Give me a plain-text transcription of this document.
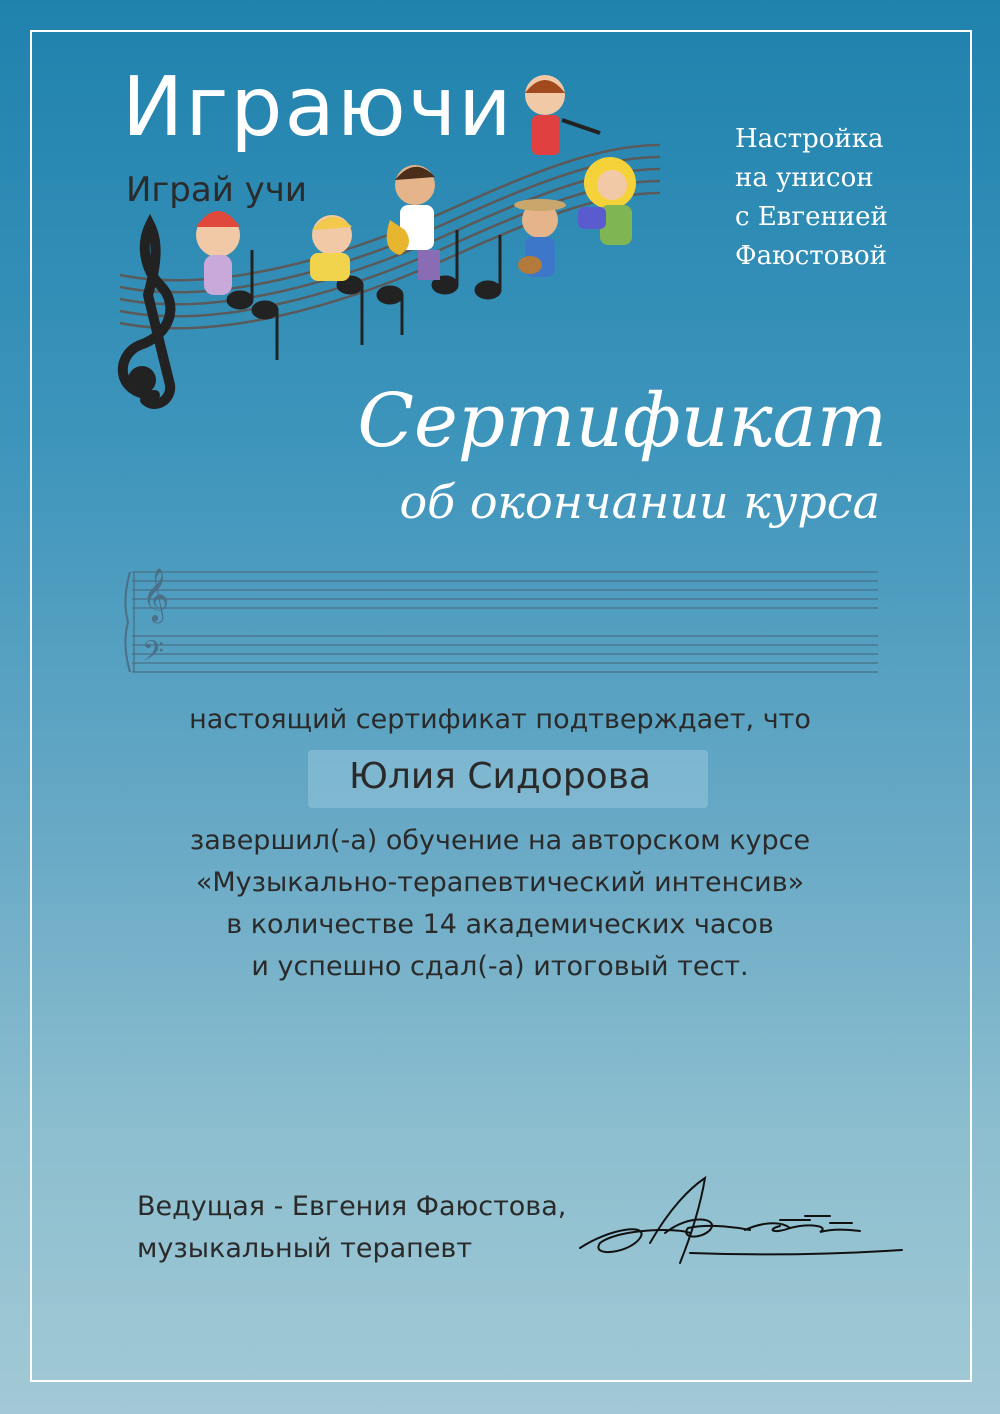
Играючи
Играй учи
Настройка
на унисон
с Евгенией
Фаюстовой
Сертификат
об окончании курса
𝄞
𝄢
настоящий сертификат подтверждает, что
Юлия Сидорова
завершил(-а) обучение на авторском курсе
«Музыкально-терапевтический интенсив»
в количестве 14 академических часов
и успешно сдал(-а) итоговый тест.
Ведущая - Евгения Фаюстова,
музыкальный терапевт
